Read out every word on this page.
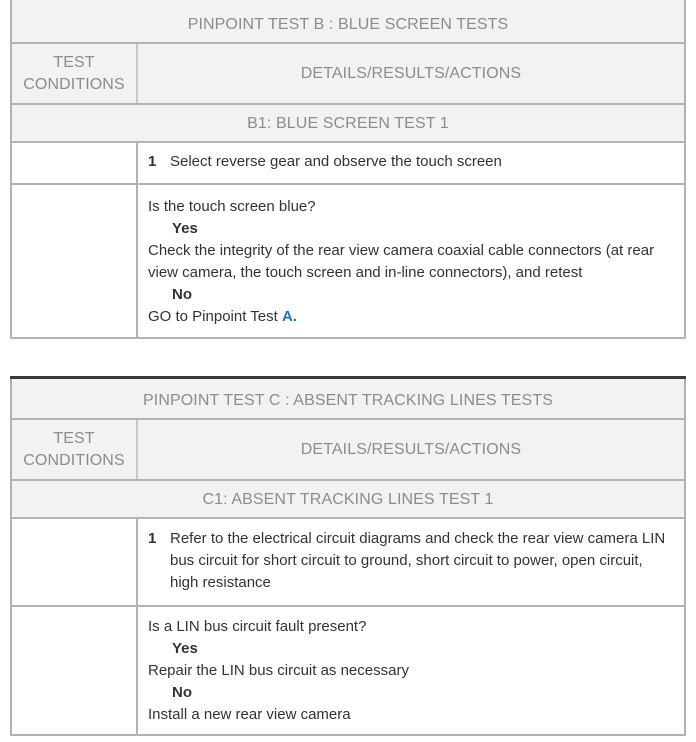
PINPOINT TEST B : BLUE SCREEN TESTS
TEST CONDITIONS
DETAILS/RESULTS/ACTIONS
B1: BLUE SCREEN TEST 1
1 Select reverse gear and observe the touch screen
Is the touch screen blue?
Yes
Check the integrity of the rear view camera coaxial cable connectors (at rear view camera, the touch screen and in-line connectors), and retest
No
GO to Pinpoint Test A.
PINPOINT TEST C : ABSENT TRACKING LINES TESTS
TEST CONDITIONS
DETAILS/RESULTS/ACTIONS
C1: ABSENT TRACKING LINES TEST 1
1 Refer to the electrical circuit diagrams and check the rear view camera LIN bus circuit for short circuit to ground, short circuit to power, open circuit, high resistance
Is a LIN bus circuit fault present?
Yes
Repair the LIN bus circuit as necessary
No
Install a new rear view camera
